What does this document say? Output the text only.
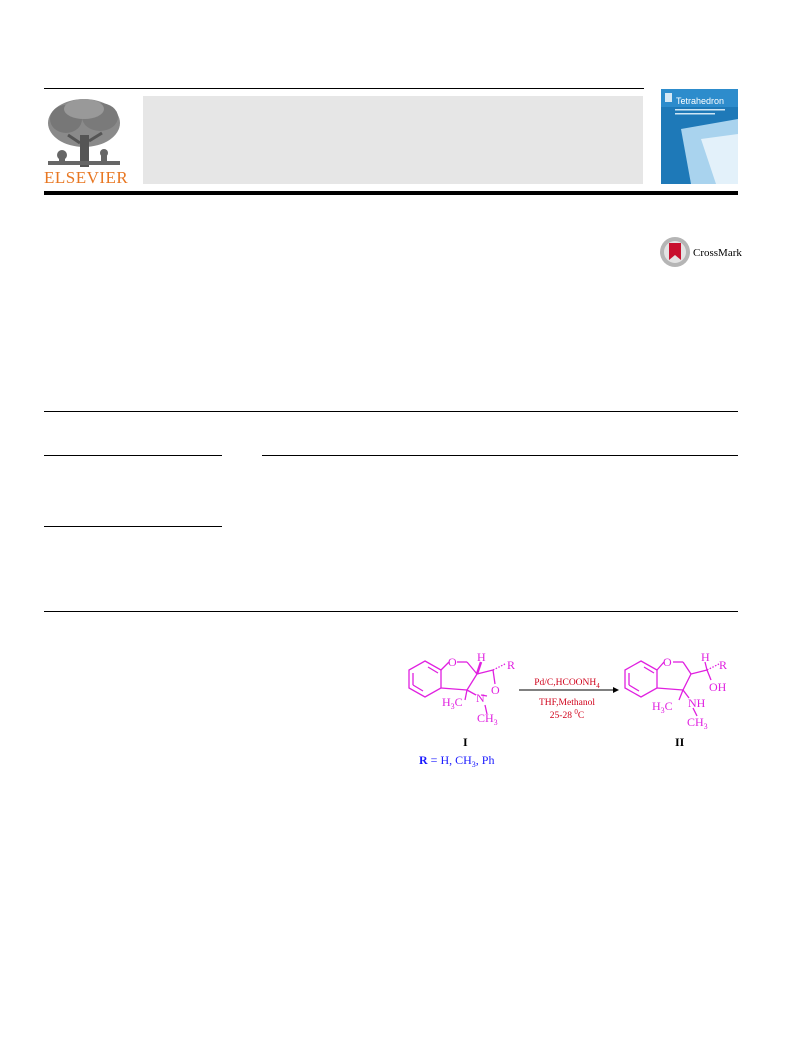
ELSEVIER
Tetrahedron
CrossMark
O H
R
O
N
$H_3C$
$CH_3$
$Pd/C,HCOONH_4$
THF,Methanol
25-28 $^0$C
O H
R
OH
NH
$H_3C$
$CH_3$
I	II
R = H, $CH_3$, Ph
